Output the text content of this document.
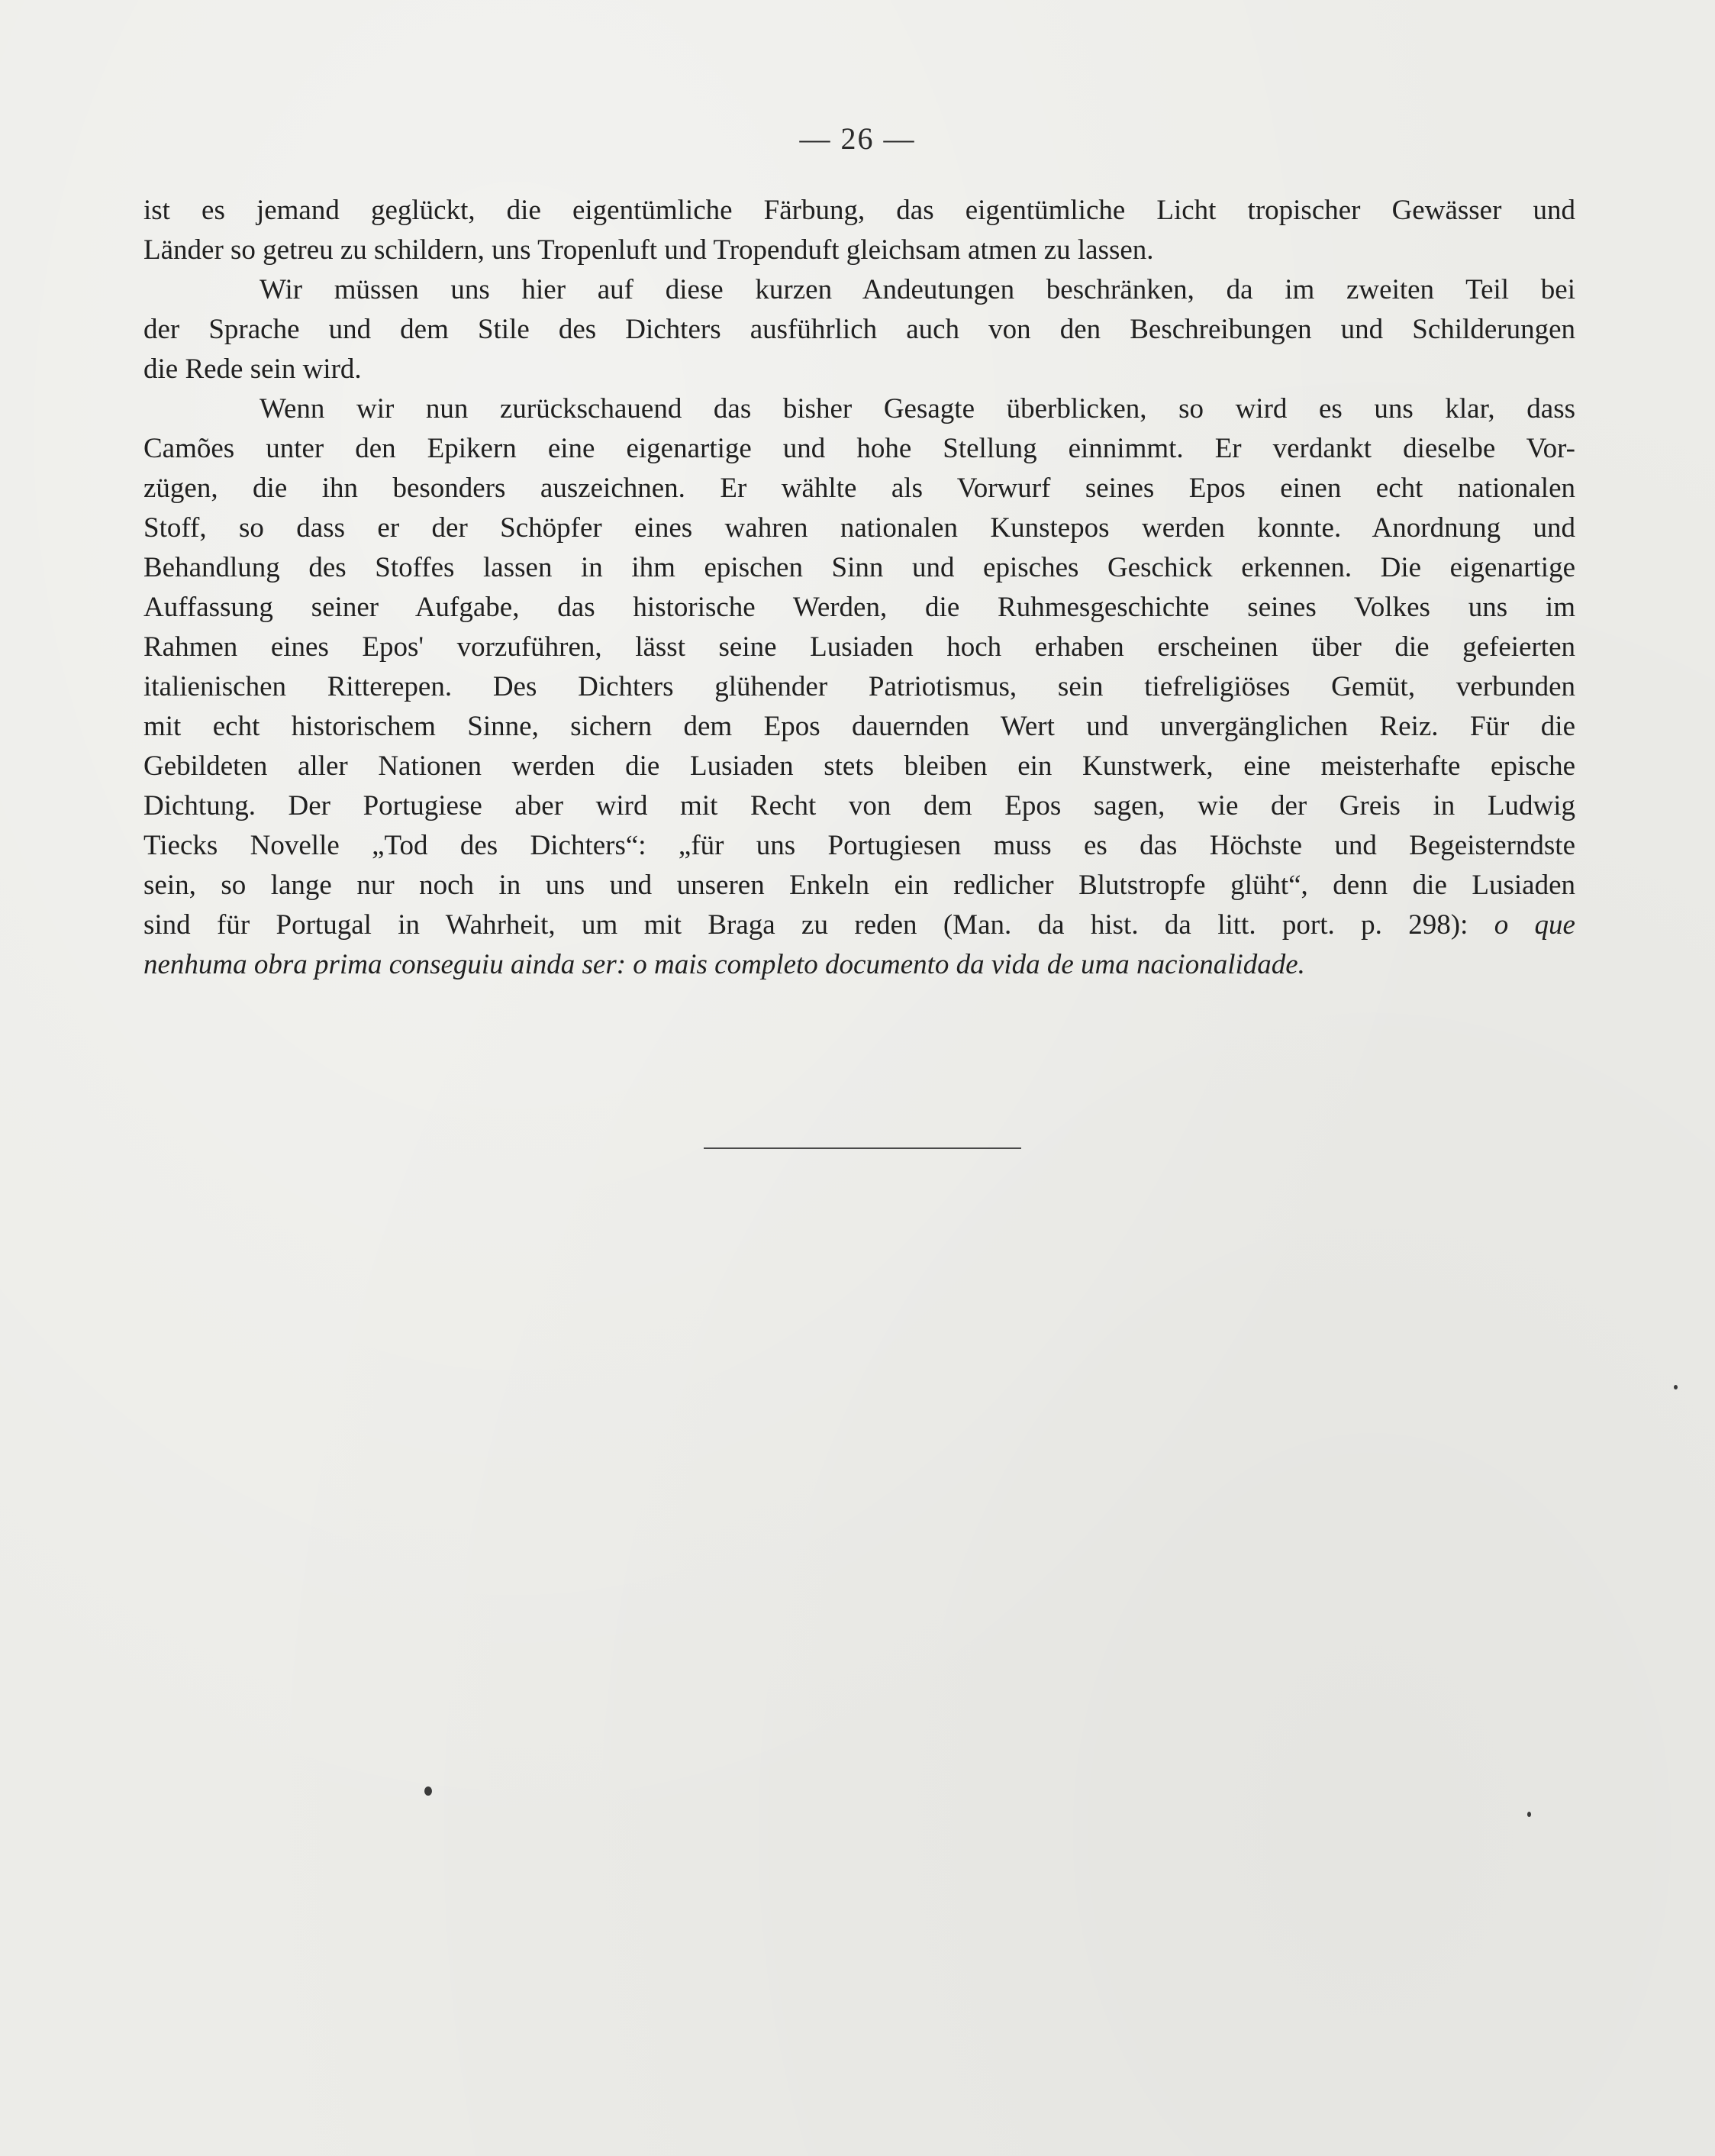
— 26 —
ist es jemand geglückt, die eigentümliche Färbung, das eigentümliche Licht tropischer Gewässer und
Länder so getreu zu schildern, uns Tropenluft und Tropenduft gleichsam atmen zu lassen.
Wir müssen uns hier auf diese kurzen Andeutungen beschränken, da im zweiten Teil bei
der Sprache und dem Stile des Dichters ausführlich auch von den Beschreibungen und Schilderungen
die Rede sein wird.
Wenn wir nun zurückschauend das bisher Gesagte überblicken, so wird es uns klar, dass
Camões unter den Epikern eine eigenartige und hohe Stellung einnimmt. Er verdankt dieselbe Vor-
zügen, die ihn besonders auszeichnen. Er wählte als Vorwurf seines Epos einen echt nationalen
Stoff, so dass er der Schöpfer eines wahren nationalen Kunstepos werden konnte. Anordnung und
Behandlung des Stoffes lassen in ihm epischen Sinn und episches Geschick erkennen. Die eigenartige
Auffassung seiner Aufgabe, das historische Werden, die Ruhmesgeschichte seines Volkes uns im
Rahmen eines Epos' vorzuführen, lässt seine Lusiaden hoch erhaben erscheinen über die gefeierten
italienischen Ritterepen. Des Dichters glühender Patriotismus, sein tiefreligiöses Gemüt, verbunden
mit echt historischem Sinne, sichern dem Epos dauernden Wert und unvergänglichen Reiz. Für die
Gebildeten aller Nationen werden die Lusiaden stets bleiben ein Kunstwerk, eine meisterhafte epische
Dichtung. Der Portugiese aber wird mit Recht von dem Epos sagen, wie der Greis in Ludwig
Tiecks Novelle „Tod des Dichters“: „für uns Portugiesen muss es das Höchste und Begeisterndste
sein, so lange nur noch in uns und unseren Enkeln ein redlicher Blutstropfe glüht“, denn die Lusiaden
sind für Portugal in Wahrheit, um mit Braga zu reden (Man. da hist. da litt. port. p. 298): o que
nenhuma obra prima conseguiu ainda ser: o mais completo documento da vida de uma nacionalidade.
